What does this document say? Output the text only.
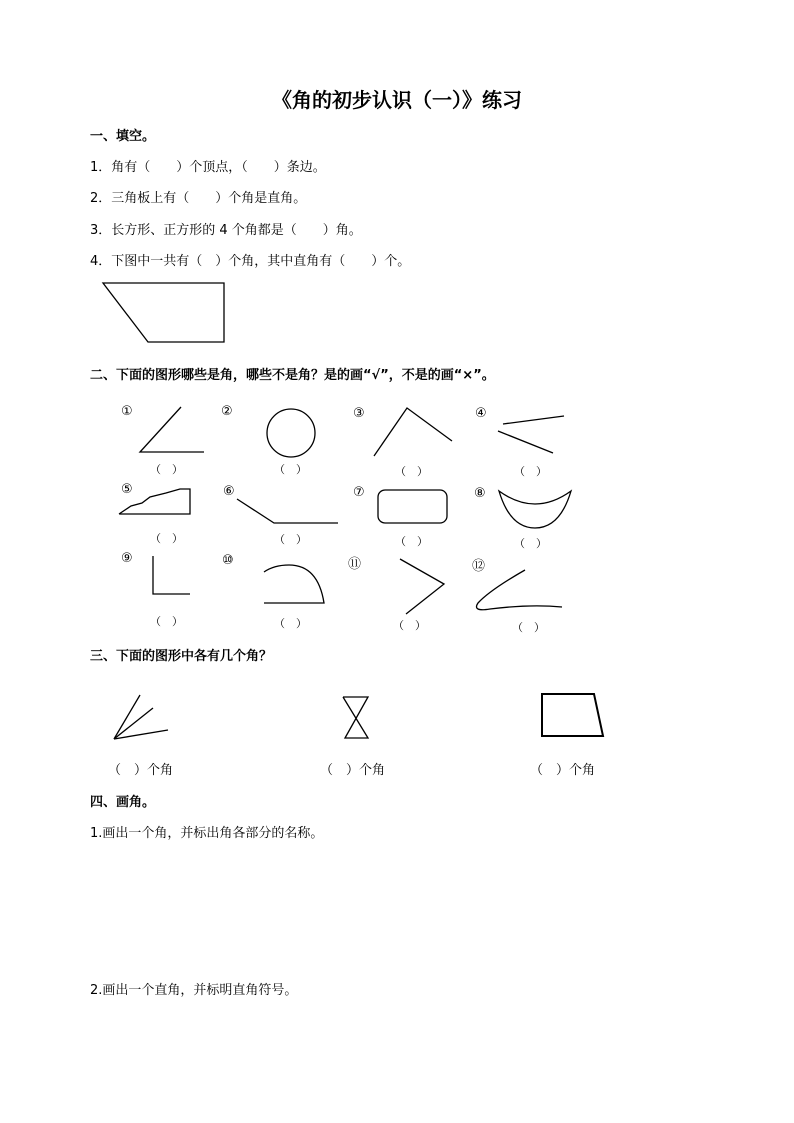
《角的初步认识（一）》练习
一、填空。
1．角有（　　）个顶点，（　　）条边。
2．三角板上有（　　）个角是直角。
3．长方形、正方形的 4 个角都是（　　）角。
4．下图中一共有（　）个角，其中直角有（　　）个。
二、下面的图形哪些是角，哪些不是角？是的画“√”，不是的画“×”。
①	②	③	④
⑤	⑥	⑦	⑧
⑨	⑩	⑪	⑫
（　）	（　）	（　）	（　）
（　）	（　）	（　）	（　）
（　）	（　）	（　）	（　）
三、下面的图形中各有几个角？
（　）个角	（　）个角	（　）个角
四、画角。
1.画出一个角，并标出角各部分的名称。
2.画出一个直角，并标明直角符号。
